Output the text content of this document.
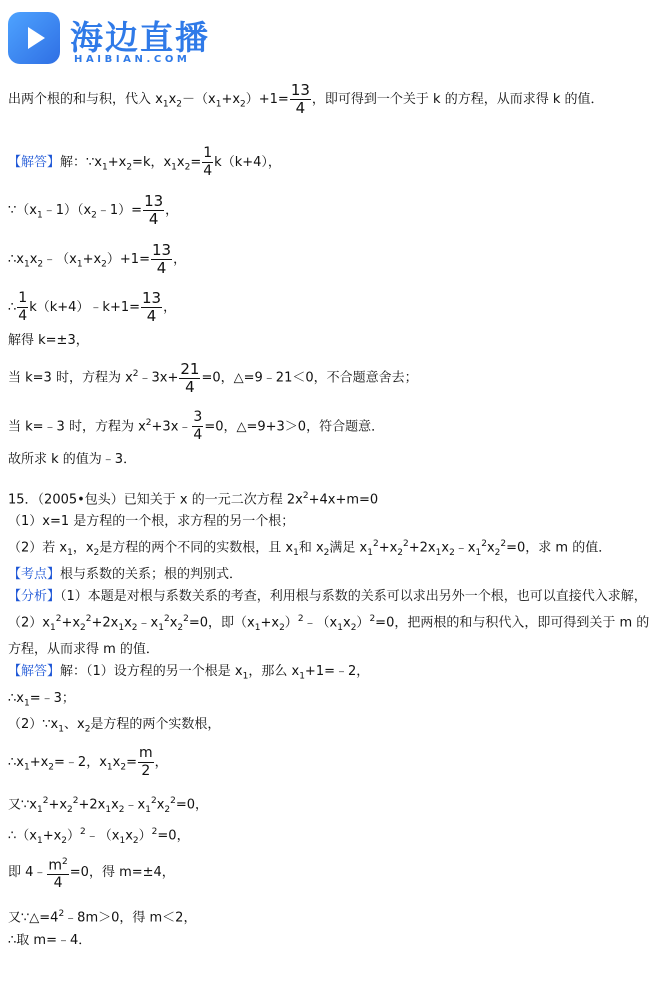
海边直播
HAIBIAN.COM
出两个根的和与积，代入 $x_1x_2-(x_1+x_2)+1= \frac{13}{4}$ ，即可得到一个关于 k 的方程，从而求得 k 的值．
【解答】解：$\because x_1+x_2=k$，$x_1x_2= \frac{1}{4} k(k+4)$，
$\because(x_1﹣1)(x_2﹣1)= \frac{13}{4}$ ，
$\therefore x_1x_2﹣(x_1+x_2)+1= \frac{13}{4}$ ，
∴ $\frac{1}{4}$ k（k+4）﹣k+1= $\frac{13}{4}$ ，
解得 k=±3，
当 k=3 时，方程为 $x^2﹣3x+ \frac{21}{4} =0$，△=9﹣21＜0，不合题意舍去；
当 k=﹣3 时，方程为 $x^2+3x﹣ \frac{3}{4} =0$，△=9+3＞0，符合题意．
故所求 k 的值为﹣3．
15．（2005•包头）已知关于 x 的一元二次方程 $2x^2+4x+m=0$
（1）x=1 是方程的一个根，求方程的另一个根；
（2）若 $x_1$，$x_2$是方程的两个不同的实数根，且 $x_1$和 $x_2$满足 $x_1^2+x_2^2+2x_1x_2﹣x_1^2x_2^2=0$，求 m 的值．
【考点】根与系数的关系；根的判别式．
【分析】（1）本题是对根与系数关系的考查，利用根与系数的关系可以求出另外一个根，也可以直接代入求解，
$(2)x_1^2+x_2^2+2x_1x_2﹣x_1^2x_2^2=0$，即$(x_1+x_2)^2﹣(x_1x_2)^2=0$，把两根的和与积代入，即可得到关于 m 的方程，从而求得 m 的值．
【解答】解：（1）设方程的另一个根是 $x_1$，那么 $x_1+1=﹣2$，
$\therefore x_1=﹣3$；
$(2)\because x_1$、$x_2$是方程的两个实数根，
$\therefore x_1+x_2=﹣2$，$x_1x_2= \frac{m}{2}$ ，
又$\because x_1^2+x_2^2+2x_1x_2﹣x_1^2x_2^2=0$，
$\therefore(x_1+x_2)^2﹣(x_1x_2)^2=0$，
即 4﹣ $\frac{m^2}{4} =0$，得 m=±4，
又$\because\triangle=4^2﹣8m>0$，得 m＜2，
∴取 m=﹣4．
